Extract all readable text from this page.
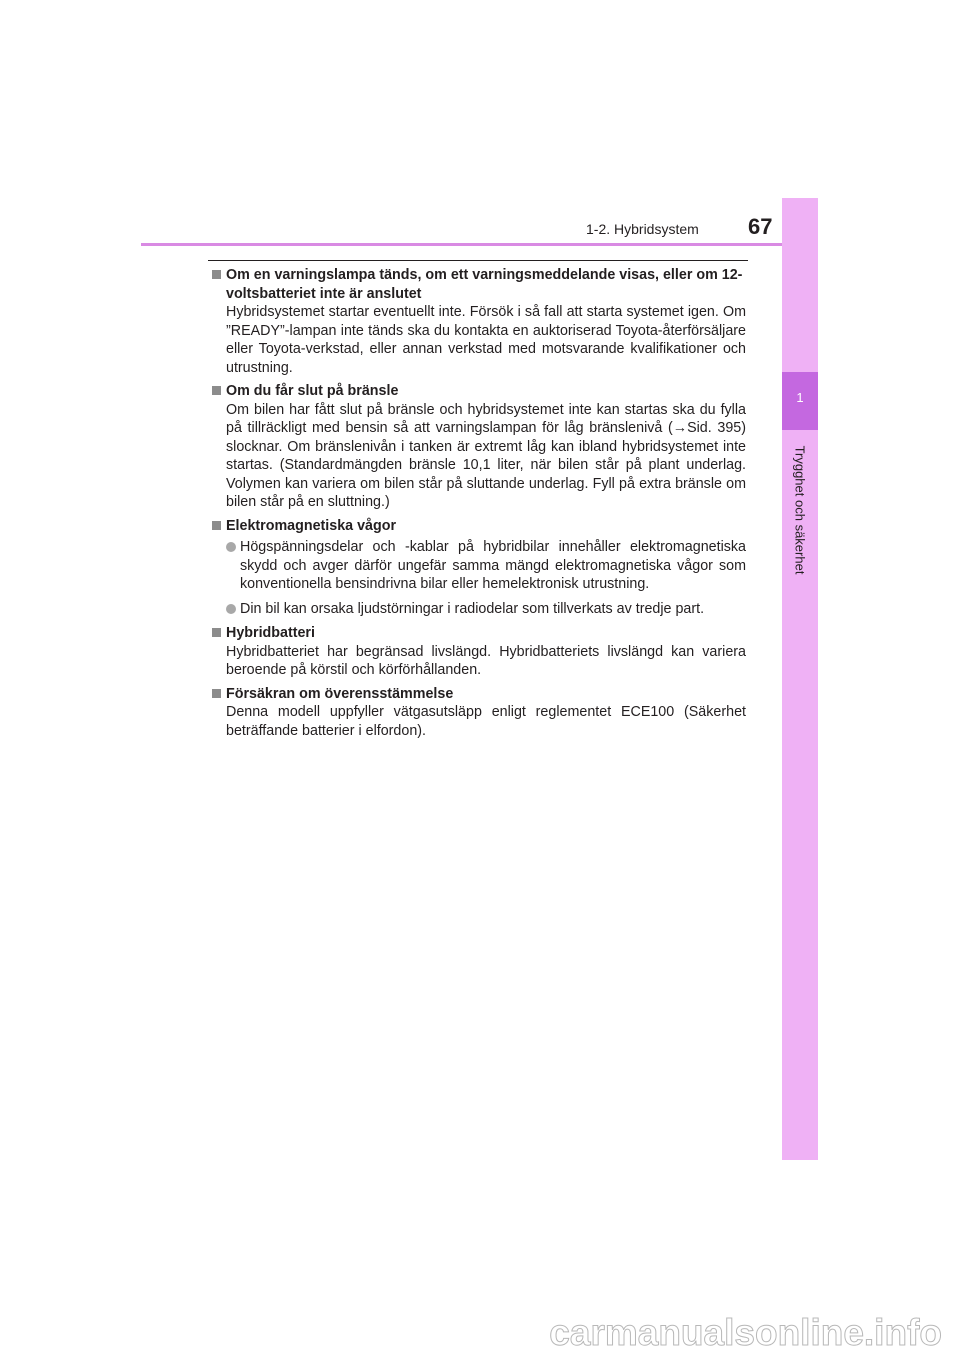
1
Trygghet och säkerhet
1-2. Hybridsystem 67
Om en varningslampa tänds, om ett varningsmeddelande visas, eller om 12-voltsbatteriet inte är anslutet
Hybridsystemet startar eventuellt inte. Försök i så fall att starta systemet igen. Om ”READY”-lampan inte tänds ska du kontakta en auktoriserad Toyota-återförsäljare eller Toyota-verkstad, eller annan verkstad med motsvarande kvalifikationer och utrustning.
Om du får slut på bränsle
Om bilen har fått slut på bränsle och hybridsystemet inte kan startas ska du fylla på tillräckligt med bensin så att varningslampan för låg bränslenivå (→Sid. 395) slocknar. Om bränslenivån i tanken är extremt låg kan ibland hybridsystemet inte startas. (Standardmängden bränsle 10,1 liter, när bilen står på plant underlag. Volymen kan variera om bilen står på sluttande underlag. Fyll på extra bränsle om bilen står på en sluttning.)
Elektromagnetiska vågor
Högspänningsdelar och -kablar på hybridbilar innehåller elektromagnetiska skydd och avger därför ungefär samma mängd elektromagnetiska vågor som konventionella bensindrivna bilar eller hemelektronisk utrustning.
Din bil kan orsaka ljudstörningar i radiodelar som tillverkats av tredje part.
Hybridbatteri
Hybridbatteriet har begränsad livslängd. Hybridbatteriets livslängd kan variera beroende på körstil och körförhållanden.
Försäkran om överensstämmelse
Denna modell uppfyller vätgasutsläpp enligt reglementet ECE100 (Säkerhet beträffande batterier i elfordon).
carmanualsonline.info
